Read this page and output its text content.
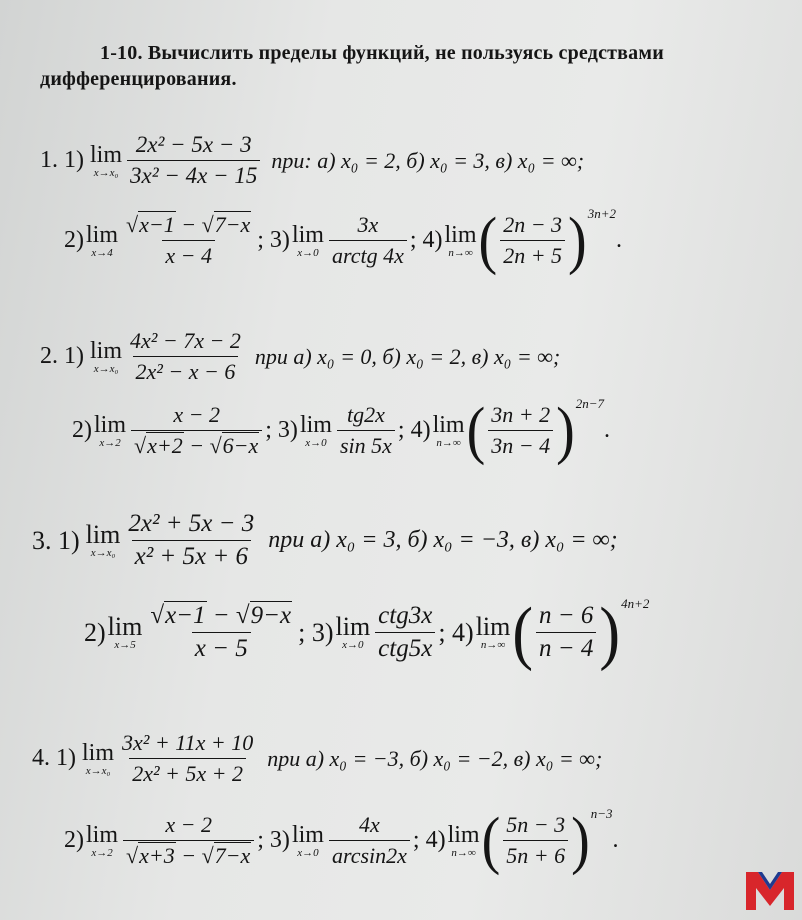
1-10. Вычислить пределы функций, не пользуясь средствами дифференцирования.
1. 1) lim
$x\to x_0 \frac{\text{2x² − 5x − 3}}{\text{3x² − 4x − 15}}$ при: а) x₀ = 2, б) x₀ = 3, в) x₀ = ∞;
2) lim
$x\to 4 \frac{√x-1 - √7-x}{x - 4}$ ; 3) lim
$x\to 0 \frac{3x}{\text{arctg 4x}}$ ; 4) lim
n→∞ ( $\frac{2n - 3}{2n + 5}$ ) 3n+2
.
2. 1) lim
$x\to x_0 \frac{\text{4x² − 7x − 2}}{\text{2x² − x − 6}}$ при а) x₀ = 0, б) x₀ = 2, в) x₀ = ∞;
2) lim
$x\to 2 \frac{x - 2}{√x+2 - √6-x}$ ; 3) lim
$x\to 0 \frac{tg2x}{\sin 5x}$ ; 4) lim
n→∞ ( $\frac{3n + 2}{3n - 4}$ ) 2n−7
.
3. 1) lim
$x\to x_0 \frac{\text{2x² + 5x − 3}}{\text{x² + 5x + 6}}$ при а) x₀ = 3, б) x₀ = −3, в) x₀ = ∞;
2) lim
$x\to 5 \frac{√x-1 - √9-x}{x - 5}$ ; 3) lim
$x\to 0 \frac{\text{ctg3x}}{\text{ctg5x}}$ ; 4) lim
n→∞ ( $\frac{n - 6}{n - 4}$ ) 4n+2
4. 1) lim
$x\to x_0 \frac{\text{3x² + 11x + 10}}{\text{2x² + 5x + 2}}$ при а) x₀ = −3, б) x₀ = −2, в) x₀ = ∞;
2) lim
$x\to 2 \frac{x - 2}{√x+3 - √7-x}$ ; 3) lim
$x\to 0 \frac{4x}{\arcsin 2x}$ ; 4) lim
n→∞ ( $\frac{5n - 3}{5n + 6}$ ) n−3
.
